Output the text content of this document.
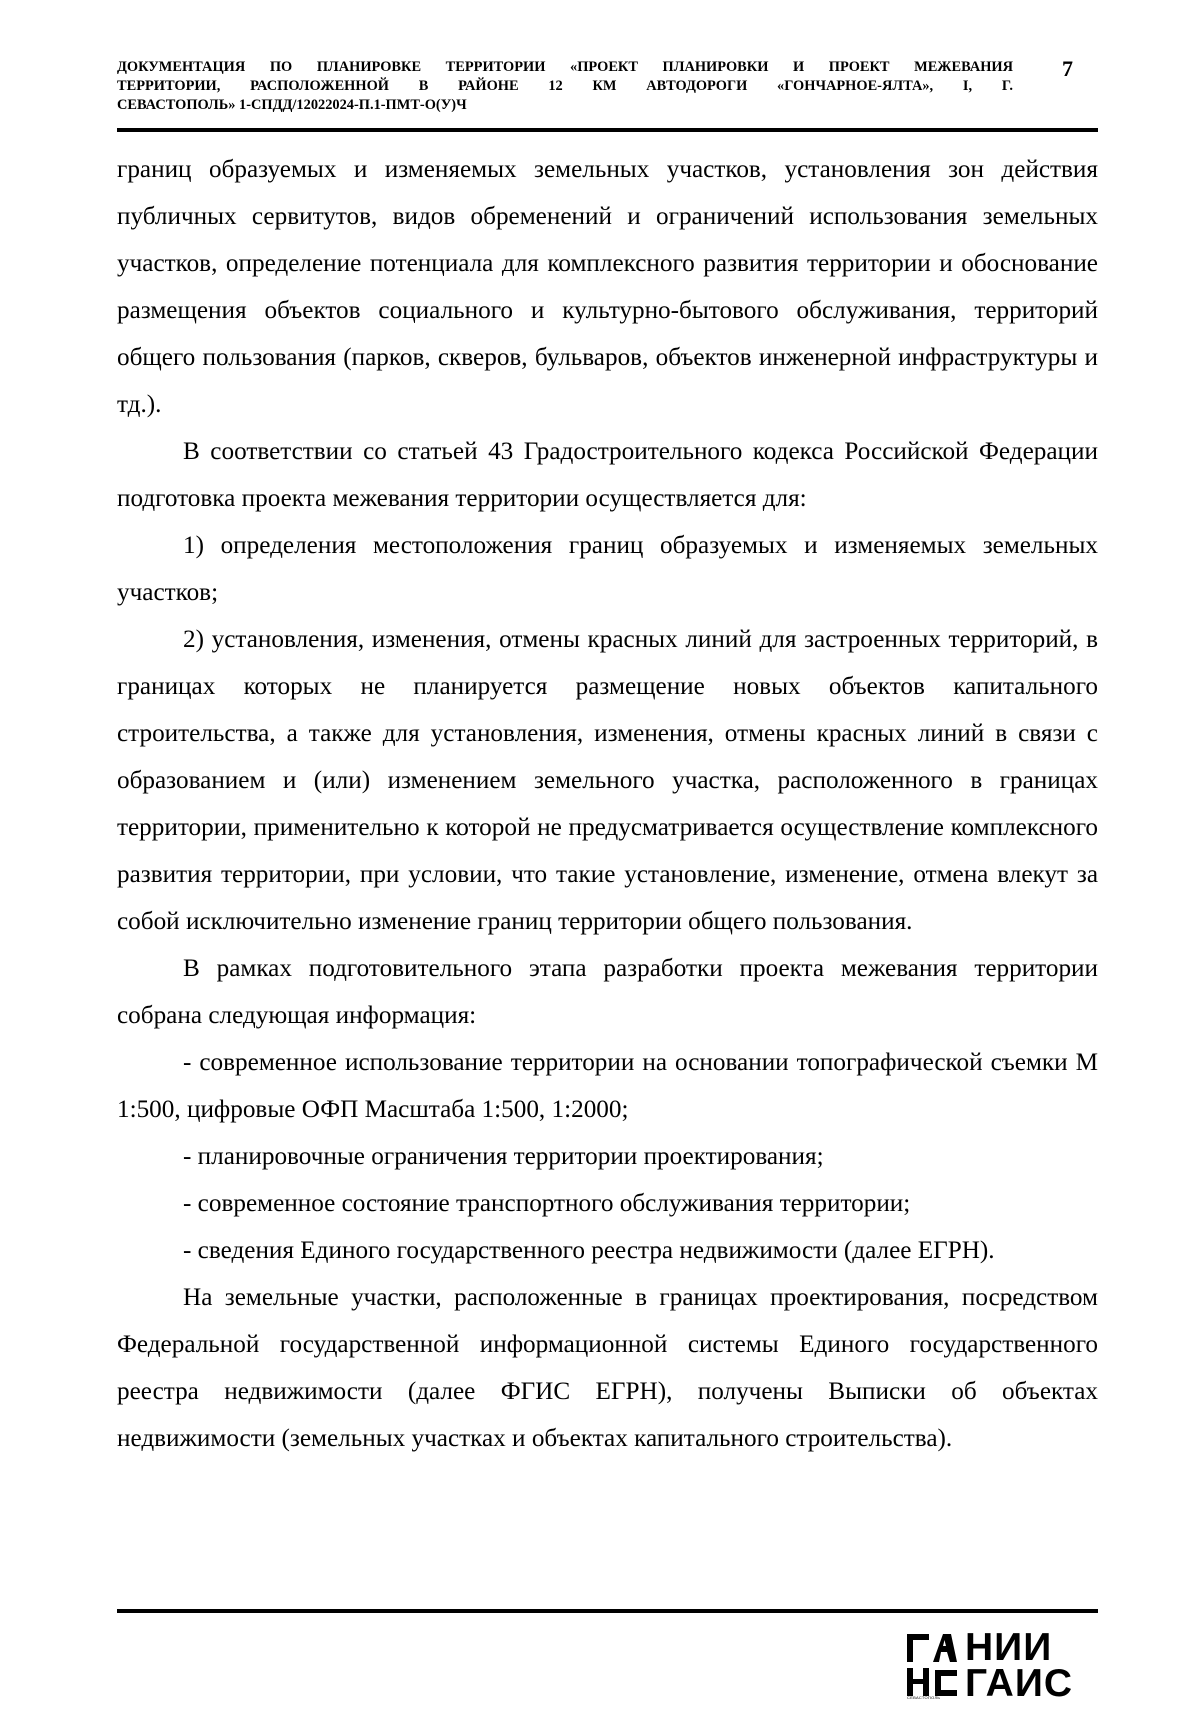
ДОКУМЕНТАЦИЯ ПО ПЛАНИРОВКЕ ТЕРРИТОРИИ «ПРОЕКТ ПЛАНИРОВКИ И ПРОЕКТ МЕЖЕВАНИЯ
ТЕРРИТОРИИ, РАСПОЛОЖЕННОЙ В РАЙОНЕ 12 КМ АВТОДОРОГИ «ГОНЧАРНОЕ-ЯЛТА», I, Г.
СЕВАСТОПОЛЬ» 1-СПДД/12022024-П.1-ПМТ-О(У)Ч
7

границ образуемых и изменяемых земельных участков, установления зон действия публичных сервитутов, видов обременений и ограничений использования земельных участков, определение потенциала для комплексного развития территории и обоснование размещения объектов социального и культурно-бытового обслуживания, территорий общего пользования (парков, скверов, бульваров, объектов инженерной инфраструктуры и тд.).

В соответствии со статьей 43 Градостроительного кодекса Российской Федерации подготовка проекта межевания территории осуществляется для:

1) определения местоположения границ образуемых и изменяемых земельных участков;

2) установления, изменения, отмены красных линий для застроенных территорий, в границах которых не планируется размещение новых объектов капитального строительства, а также для установления, изменения, отмены красных линий в связи с образованием и (или) изменением земельного участка, расположенного в границах территории, применительно к которой не предусматривается осуществление комплексного развития территории, при условии, что такие установление, изменение, отмена влекут за собой исключительно изменение границ территории общего пользования.

В рамках подготовительного этапа разработки проекта межевания территории собрана следующая информация:

- современное использование территории на основании топографической съемки М 1:500, цифровые ОФП Масштаба 1:500, 1:2000;

- планировочные ограничения территории проектирования;

- современное состояние транспортного обслуживания территории;

- сведения Единого государственного реестра недвижимости (далее ЕГРН).

На земельные участки, расположенные в границах проектирования, посредством Федеральной государственной информационной системы Единого государственного реестра недвижимости (далее ФГИС ЕГРН), получены Выписки об объектах недвижимости (земельных участках и объектах капитального строительства).

НИИ
ГАИС
СЕВАСТОПОЛЬ
